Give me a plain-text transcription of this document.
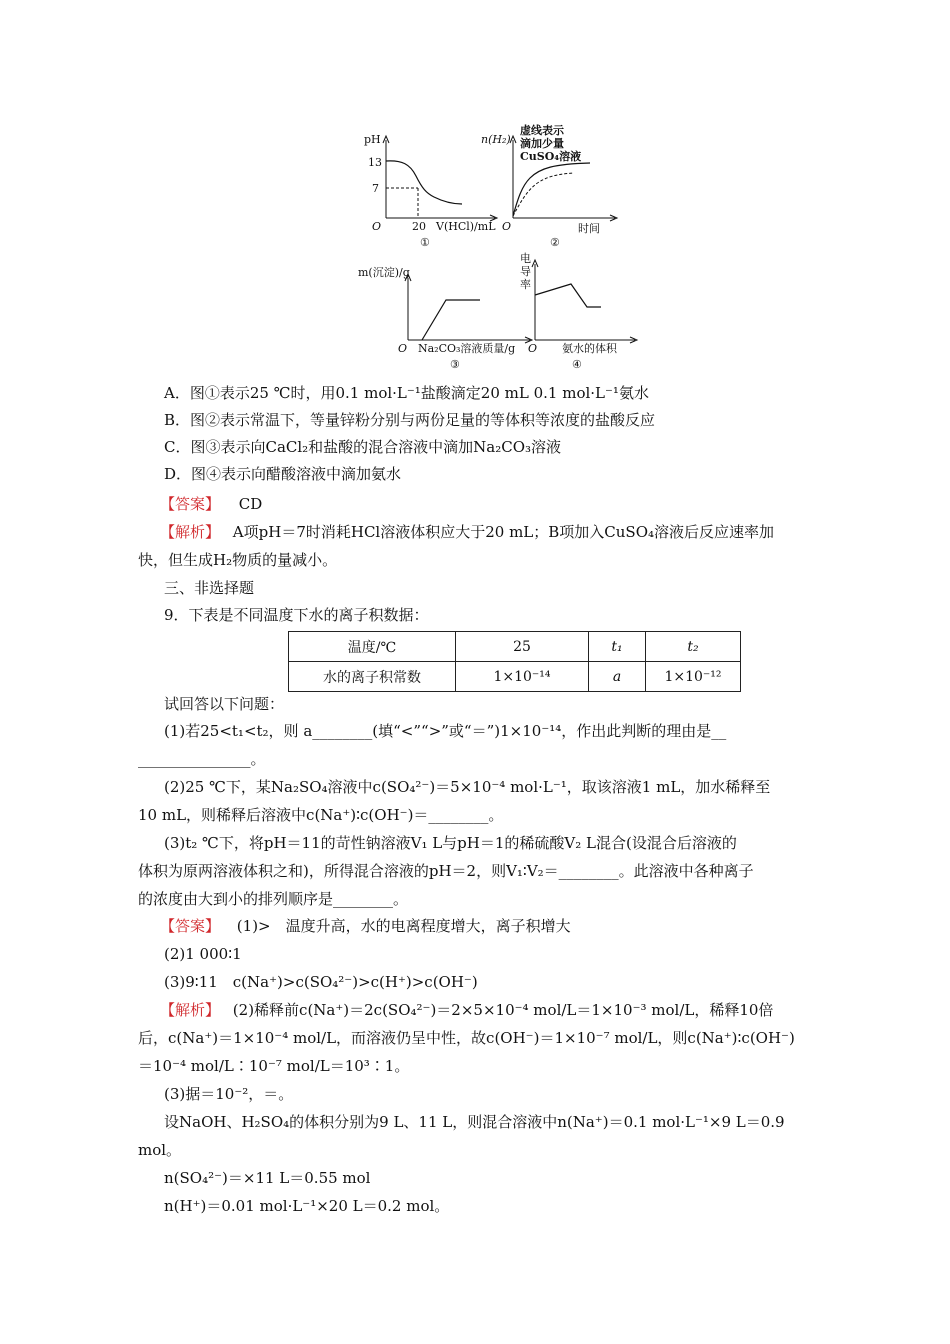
pH
13
7
O	20 V(HCl)/mL
①
n(H₂)
虚线表示
滴加少量
CuSO₄溶液
O	时间
②
m(沉淀)/g
O Na₂CO₃溶液质量/g
③
电
导
率
O 氨水的体积
④
A．图①表示25 ℃时，用0.1 mol·L⁻¹盐酸滴定20 mL 0.1 mol·L⁻¹氨水
B．图②表示常温下，等量锌粉分别与两份足量的等体积等浓度的盐酸反应
C．图③表示向CaCl₂和盐酸的混合溶液中滴加Na₂CO₃溶液
D．图④表示向醋酸溶液中滴加氨水
【答案】 CD
【解析】 A项pH＝7时消耗HCl溶液体积应大于20 mL；B项加入CuSO₄溶液后反应速率加
快，但生成H₂物质的量减小。
三、非选择题
9．下表是不同温度下水的离子积数据：
温度/℃	25	t₁	t₂
水的离子积常数	1×10⁻¹⁴	a	1×10⁻¹²
试回答以下问题：
(1)若25<t₁<t₂，则 a________(填“<”“>”或“＝”)1×10⁻¹⁴，作出此判断的理由是__
_______________。
(2)25 ℃下，某Na₂SO₄溶液中c(SO₄²⁻)＝5×10⁻⁴ mol·L⁻¹，取该溶液1 mL，加水稀释至
10 mL，则稀释后溶液中c(Na⁺)∶c(OH⁻)＝________。
(3)t₂ ℃下，将pH＝11的苛性钠溶液V₁ L与pH＝1的稀硫酸V₂ L混合(设混合后溶液的
体积为原两溶液体积之和)，所得混合溶液的pH＝2，则V₁∶V₂＝________。此溶液中各种离子
的浓度由大到小的排列顺序是________。
【答案】 (1)>　温度升高，水的电离程度增大，离子积增大
(2)1 000∶1
(3)9∶11　c(Na⁺)>c(SO₄²⁻)>c(H⁺)>c(OH⁻)
【解析】 (2)稀释前c(Na⁺)＝2c(SO₄²⁻)＝2×5×10⁻⁴ mol/L＝1×10⁻³ mol/L，稀释10倍
后，c(Na⁺)＝1×10⁻⁴ mol/L，而溶液仍呈中性，故c(OH⁻)＝1×10⁻⁷ mol/L，则c(Na⁺)∶c(OH⁻)
＝10⁻⁴ mol/L∶10⁻⁷ mol/L＝10³∶1。
(3)据＝10⁻²，＝。
设NaOH、H₂SO₄的体积分别为9 L、11 L，则混合溶液中n(Na⁺)＝0.1 mol·L⁻¹×9 L＝0.9
mol。
n(SO₄²⁻)＝×11 L＝0.55 mol
n(H⁺)＝0.01 mol·L⁻¹×20 L＝0.2 mol。
